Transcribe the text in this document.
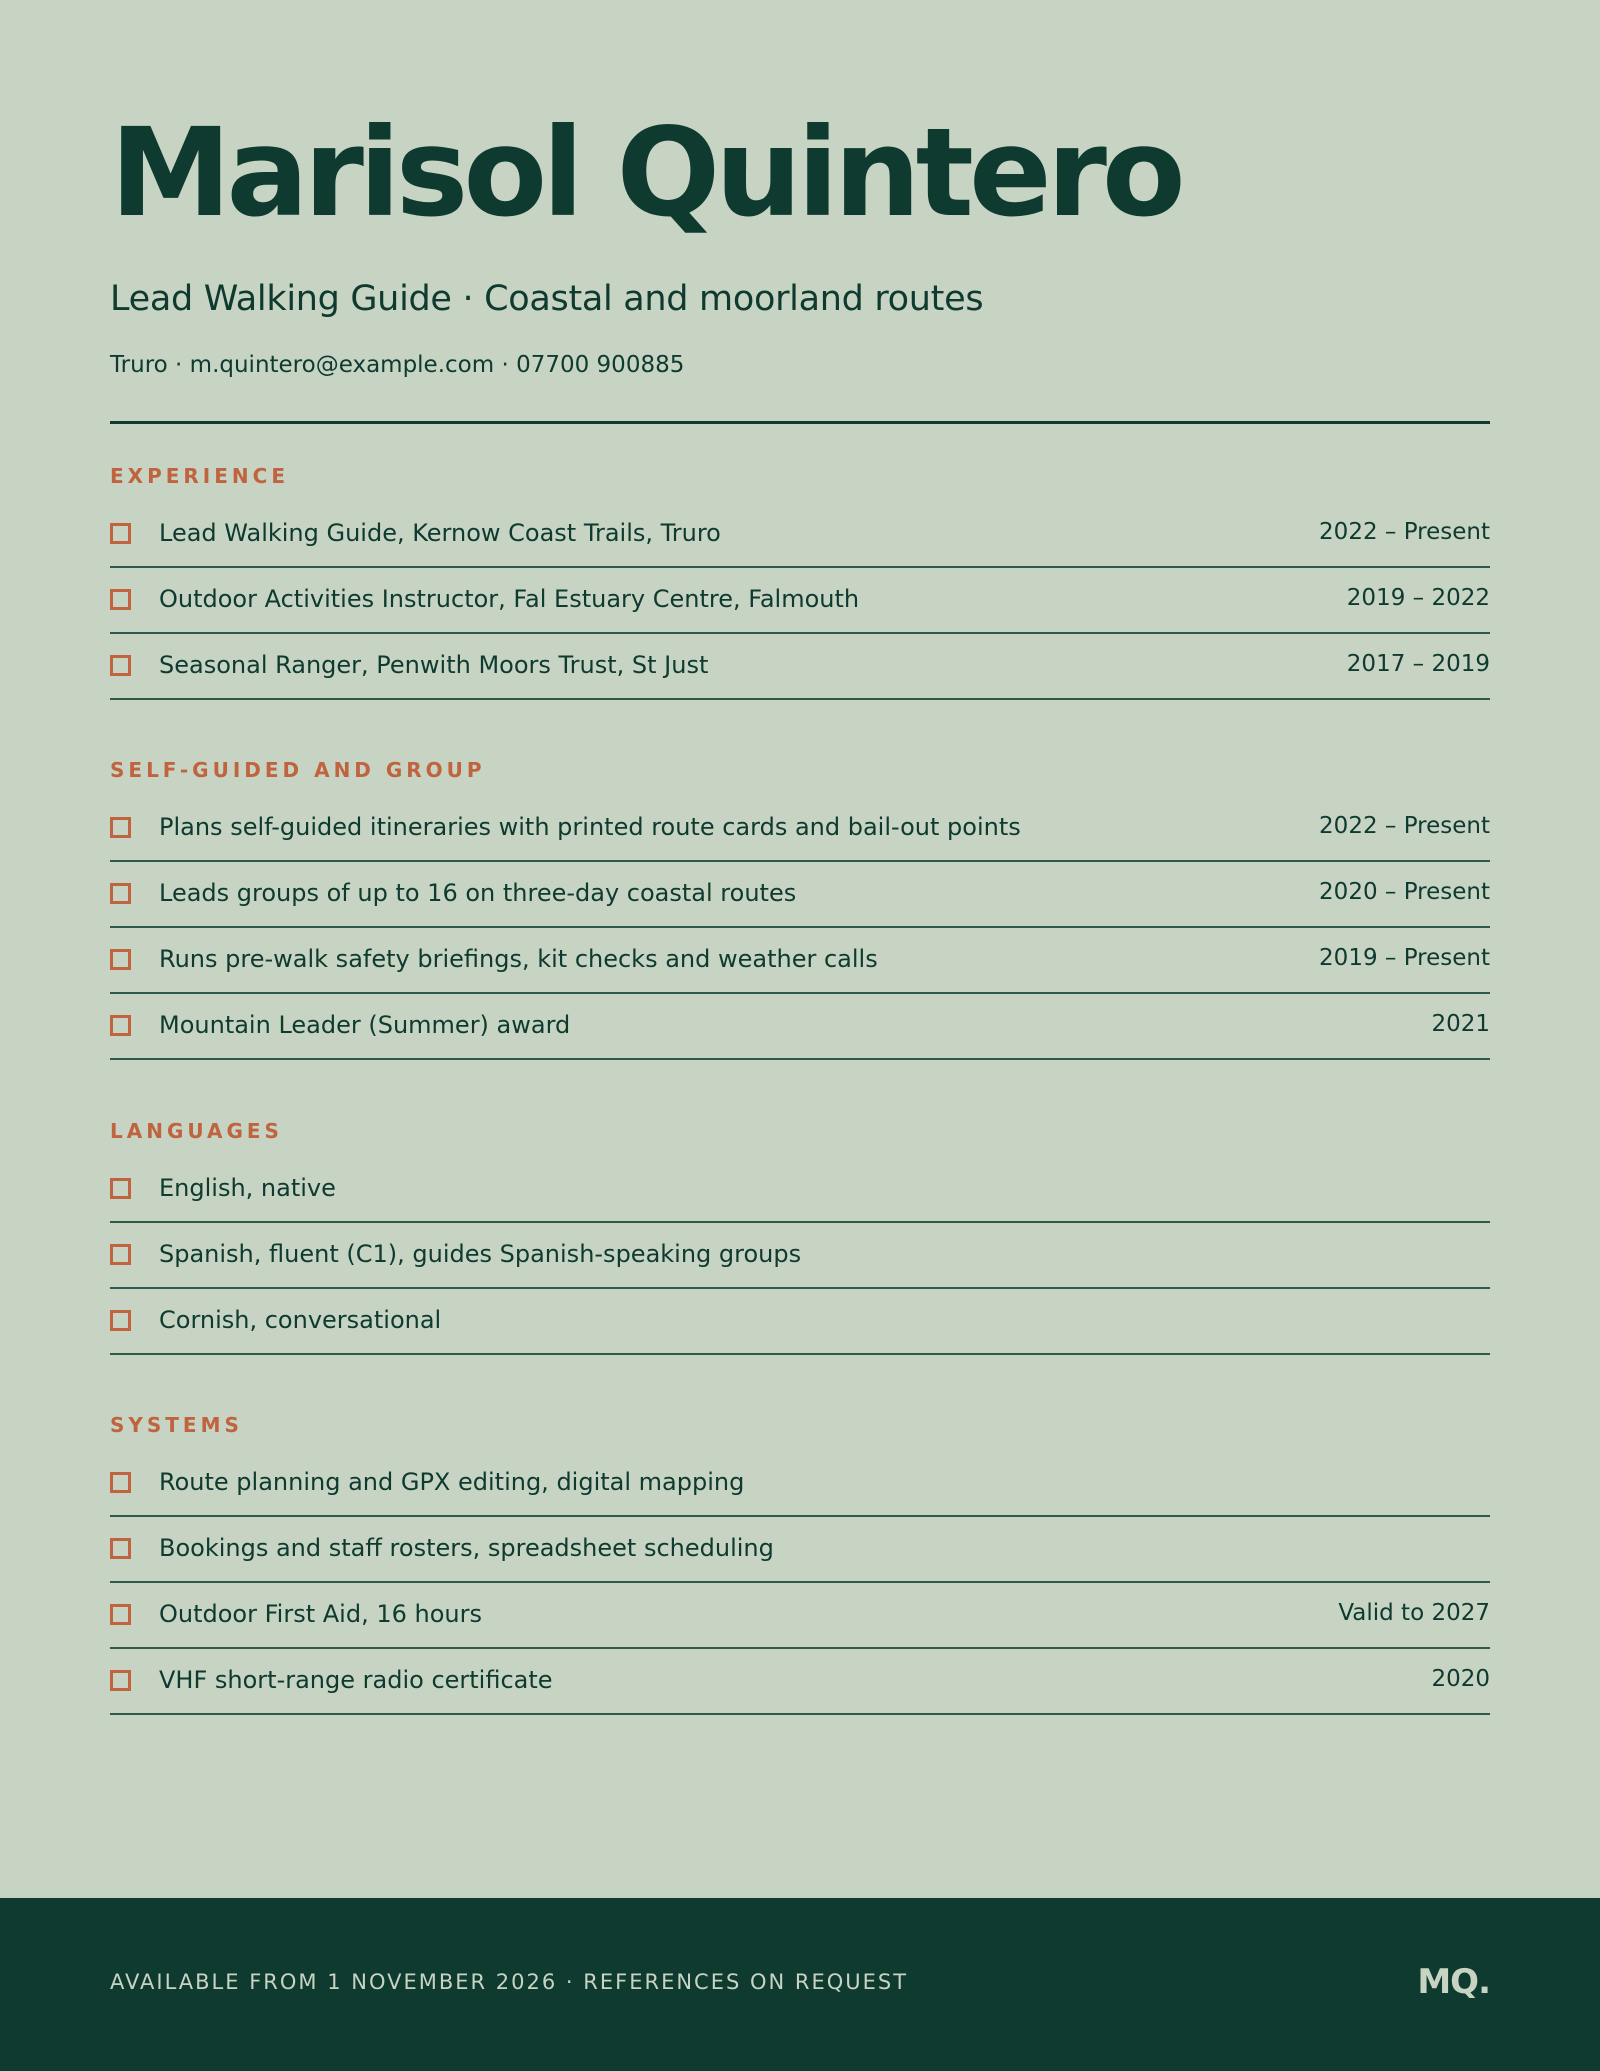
Marisol Quintero
Lead Walking Guide · Coastal and moorland routes
Truro · m.quintero@example.com · 07700 900885
EXPERIENCE
Lead Walking Guide, Kernow Coast Trails, Truro	2022 – Present
Outdoor Activities Instructor, Fal Estuary Centre, Falmouth	2019 – 2022
Seasonal Ranger, Penwith Moors Trust, St Just	2017 – 2019
SELF-GUIDED AND GROUP
Plans self-guided itineraries with printed route cards and bail-out points	2022 – Present
Leads groups of up to 16 on three-day coastal routes	2020 – Present
Runs pre-walk safety briefings, kit checks and weather calls	2019 – Present
Mountain Leader (Summer) award	2021
LANGUAGES
English, native
Spanish, fluent (C1), guides Spanish-speaking groups
Cornish, conversational
SYSTEMS
Route planning and GPX editing, digital mapping
Bookings and staff rosters, spreadsheet scheduling
Outdoor First Aid, 16 hours	Valid to 2027
VHF short-range radio certificate	2020
AVAILABLE FROM 1 NOVEMBER 2026 · REFERENCES ON REQUEST	MQ.
